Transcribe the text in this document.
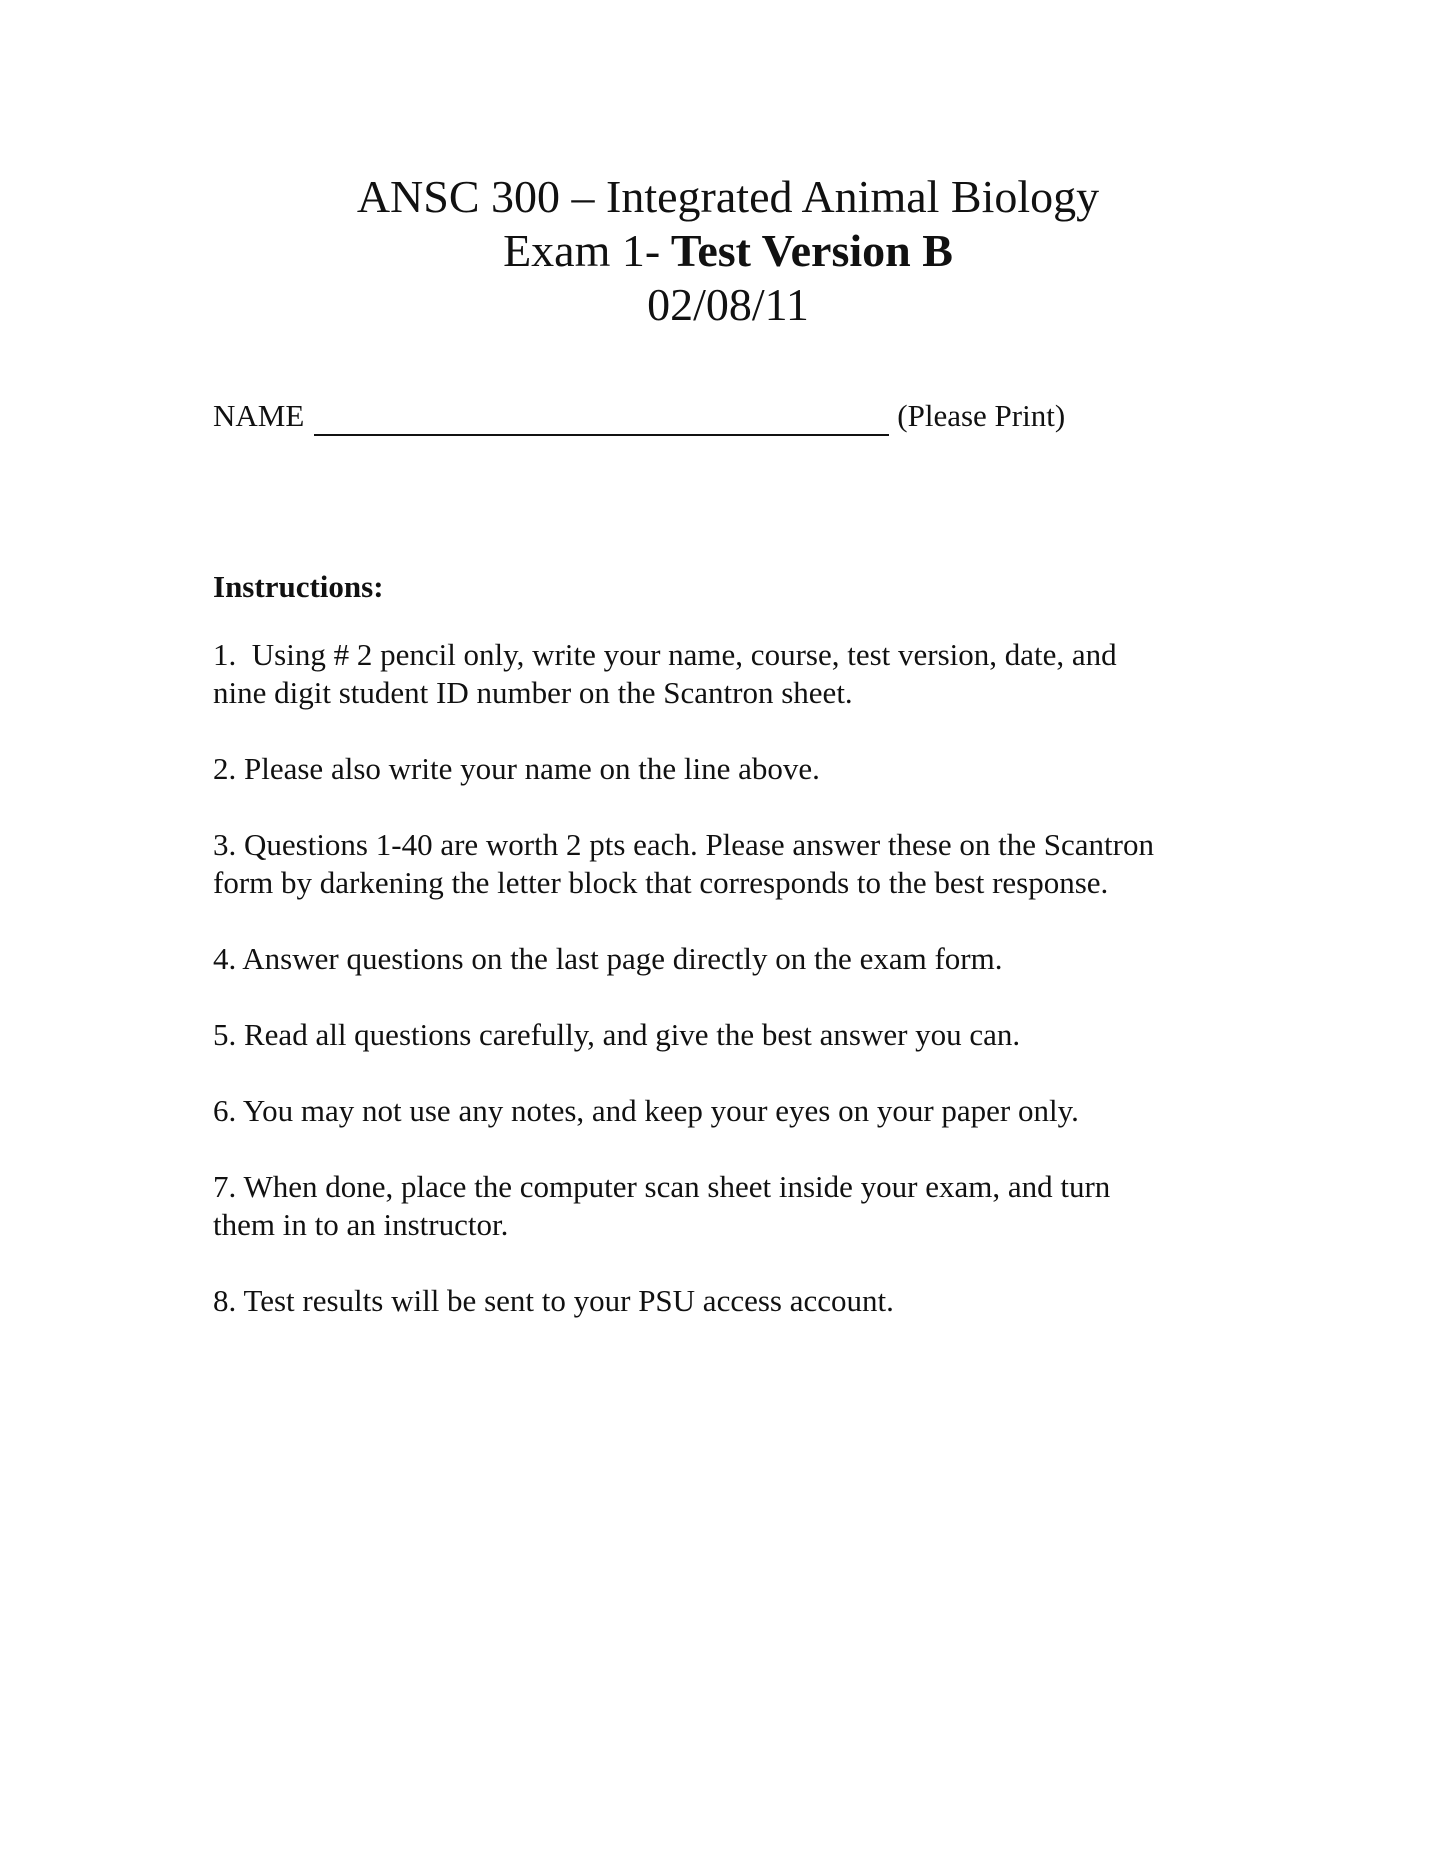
ANSC 300 – Integrated Animal Biology
Exam 1- Test Version B
02/08/11
NAME	(Please Print)
Instructions:
1.  Using # 2 pencil only, write your name, course, test version, date, and
nine digit student ID number on the Scantron sheet.
2. Please also write your name on the line above.
3. Questions 1-40 are worth 2 pts each. Please answer these on the Scantron
form by darkening the letter block that corresponds to the best response.
4. Answer questions on the last page directly on the exam form.
5. Read all questions carefully, and give the best answer you can.
6. You may not use any notes, and keep your eyes on your paper only.
7. When done, place the computer scan sheet inside your exam, and turn
them in to an instructor.
8. Test results will be sent to your PSU access account.
